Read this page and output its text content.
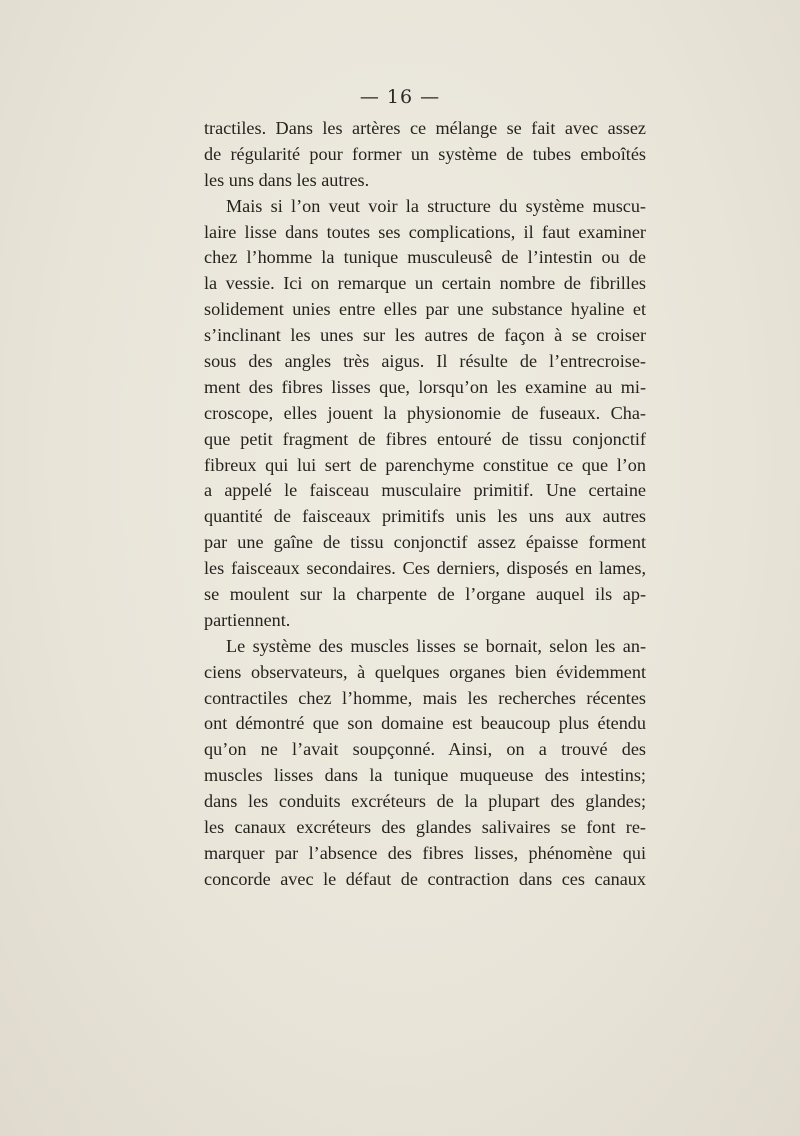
— 16 —
tractiles. Dans les artères ce mélange se fait avec assez
de régularité pour former un système de tubes emboîtés
les uns dans les autres.
Mais si l’on veut voir la structure du système muscu-
laire lisse dans toutes ses complications, il faut examiner
chez l’homme la tunique musculeusê de l’intestin ou de
la vessie. Ici on remarque un certain nombre de fibrilles
solidement unies entre elles par une substance hyaline et
s’inclinant les unes sur les autres de façon à se croiser
sous des angles très aigus. Il résulte de l’entrecroise-
ment des fibres lisses que, lorsqu’on les examine au mi-
croscope, elles jouent la physionomie de fuseaux. Cha-
que petit fragment de fibres entouré de tissu conjonctif
fibreux qui lui sert de parenchyme constitue ce que l’on
a appelé le faisceau musculaire primitif. Une certaine
quantité de faisceaux primitifs unis les uns aux autres
par une gaîne de tissu conjonctif assez épaisse forment
les faisceaux secondaires. Ces derniers, disposés en lames,
se moulent sur la charpente de l’organe auquel ils ap-
partiennent.
Le système des muscles lisses se bornait, selon les an-
ciens observateurs, à quelques organes bien évidemment
contractiles chez l’homme, mais les recherches récentes
ont démontré que son domaine est beaucoup plus étendu
qu’on ne l’avait soupçonné. Ainsi, on a trouvé des
muscles lisses dans la tunique muqueuse des intestins;
dans les conduits excréteurs de la plupart des glandes;
les canaux excréteurs des glandes salivaires se font re-
marquer par l’absence des fibres lisses, phénomène qui
concorde avec le défaut de contraction dans ces canaux
